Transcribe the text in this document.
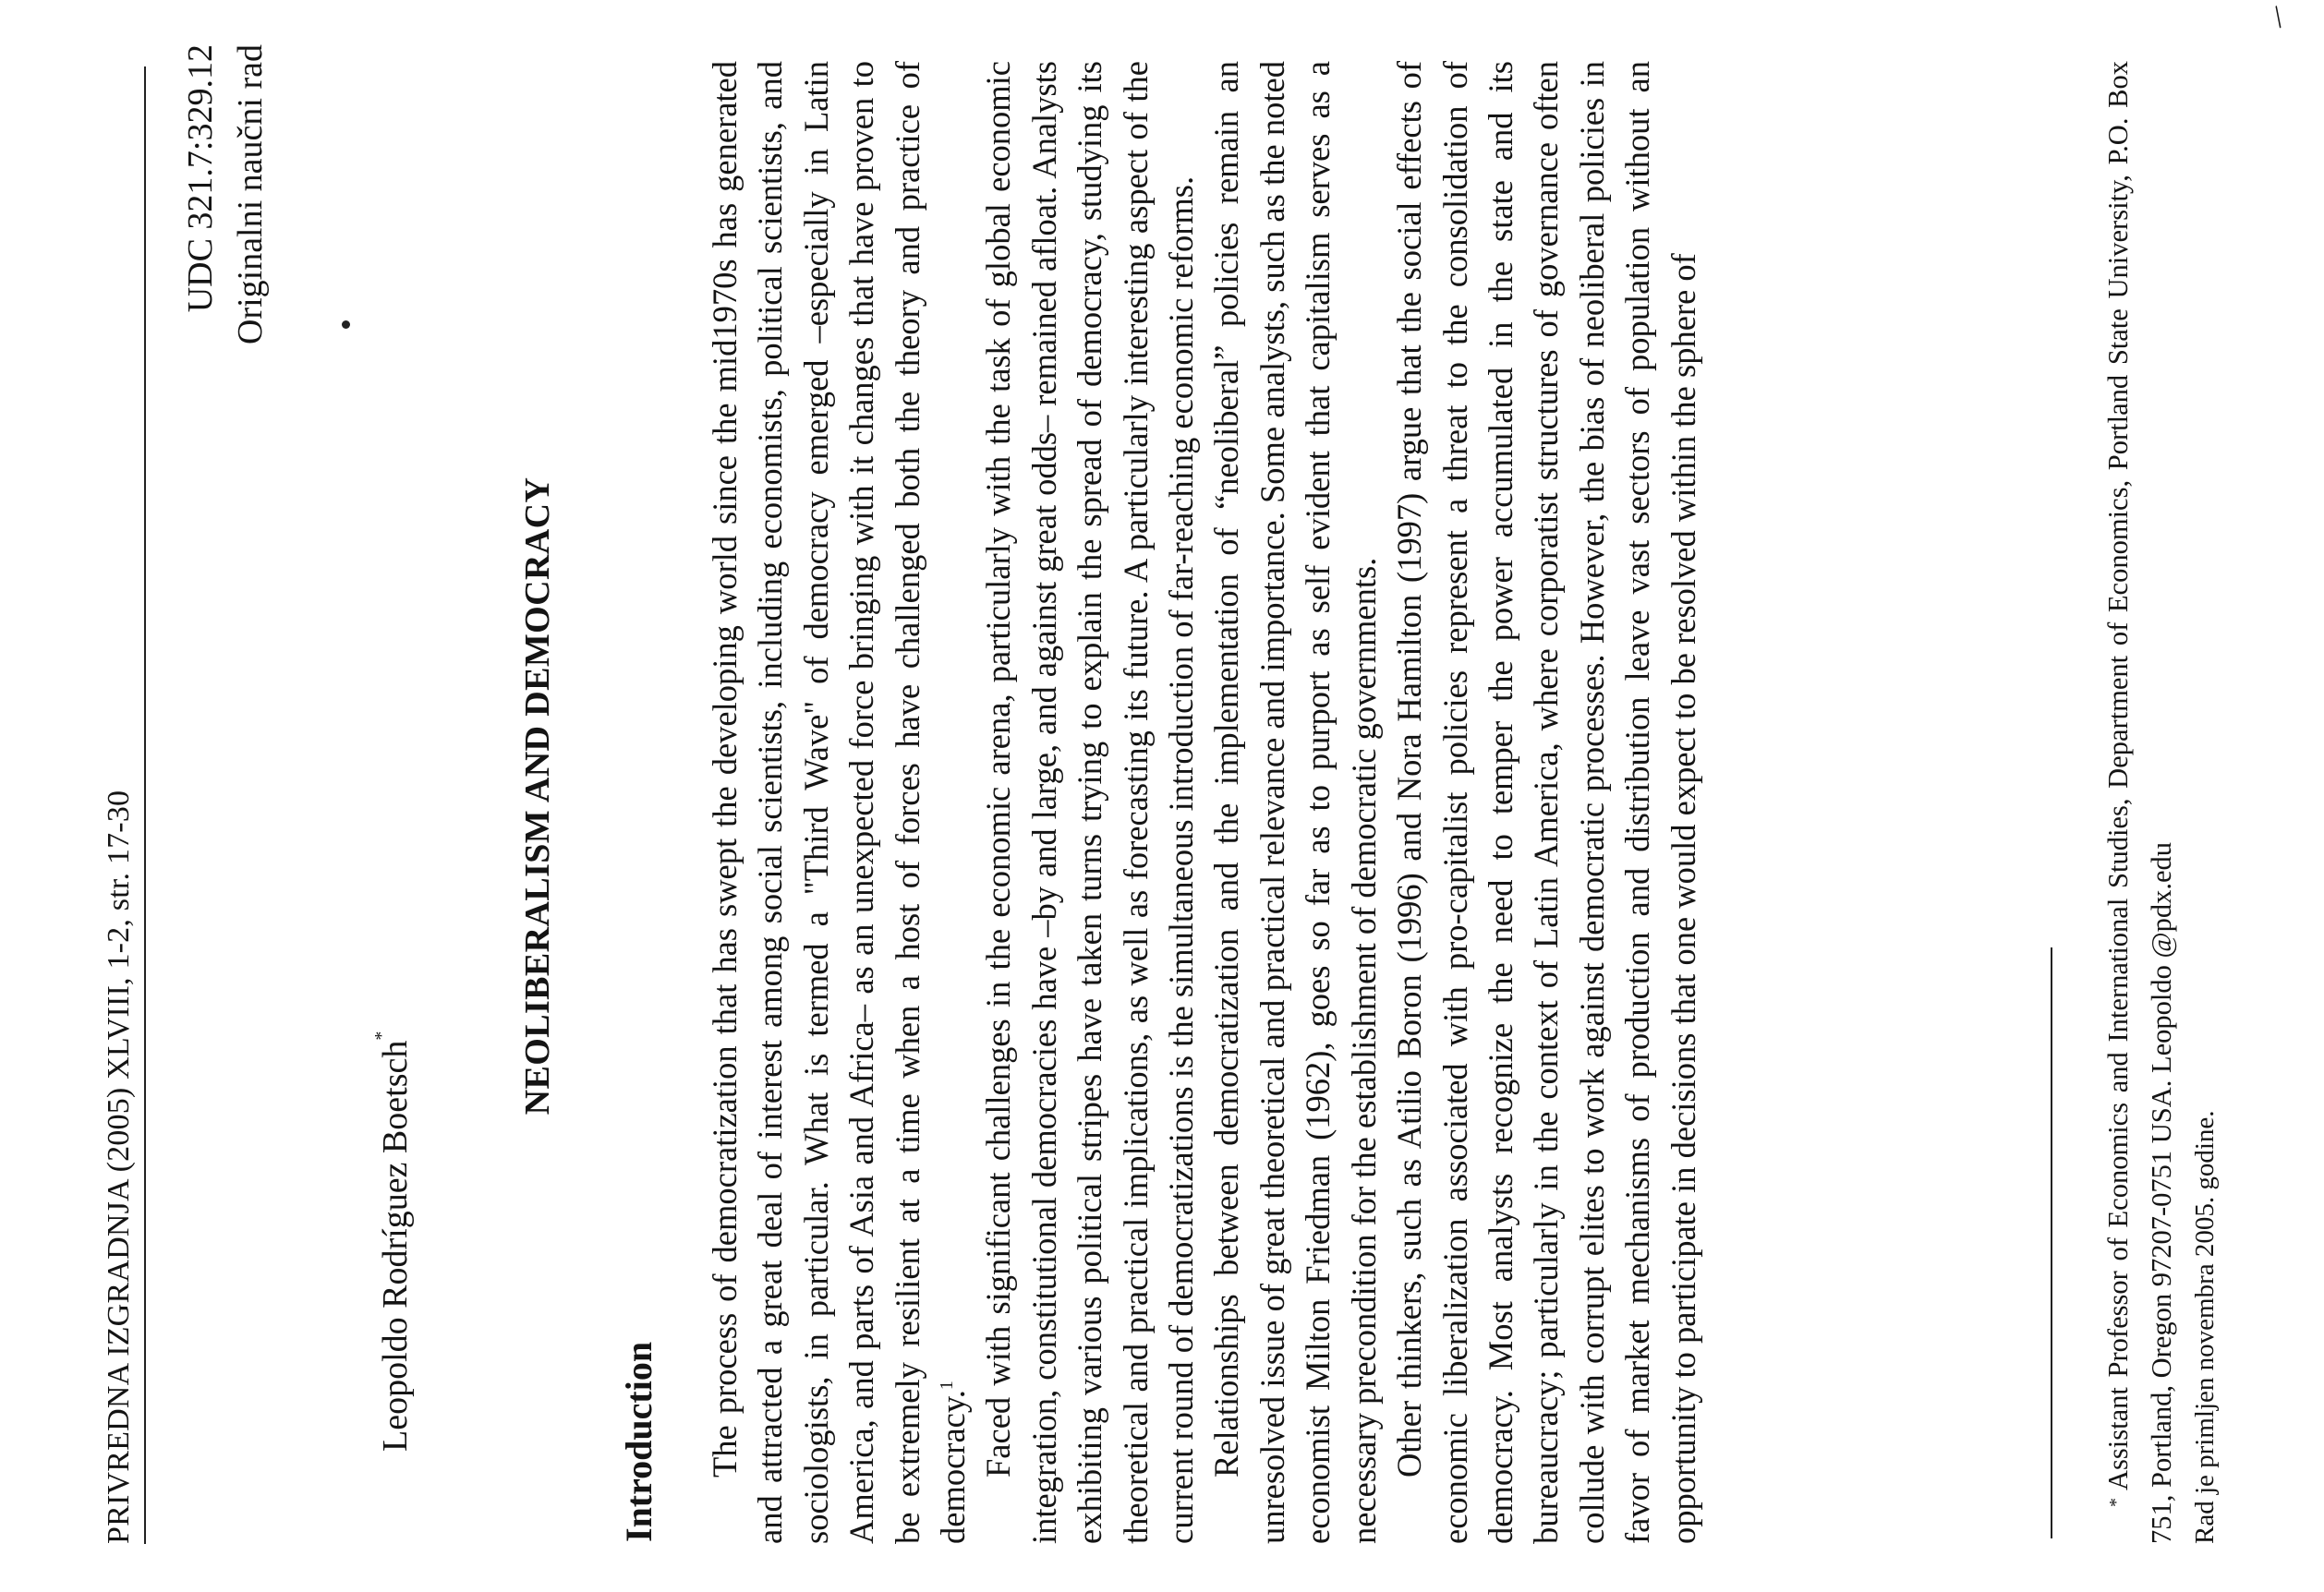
PRIVREDNA IZGRADNJA (2005) XLVIII, 1-2, str. 17-30
UDC 321.7:329.12 Originalni naučni rad
/
Leopoldo Rodríguez Boetsch*	NEOLIBERALISM AND DEMOCRACY
Introduction The process of democratization that has swept the developing world since the mid1970s has generated and attracted a great deal of interest among social scientists, including economists, political scientists, and sociologists, in particular. What is termed a "Third Wave" of democracy emerged –especially in Latin America, and parts of Asia and Africa– as an unexpected force bringing with it changes that have proven to be extremely resilient at a time when a host of forces have challenged both the theory and practice of democracy.$^1$ Faced with significant challenges in the economic arena, particularly with the task of global economic integration, constitutional democracies have –by and large, and against great odds– remained afloat. Analysts exhibiting various political stripes have taken turns trying to explain the spread of democracy, studying its theoretical and practical implications, as well as forecasting its future. A particularly interesting aspect of the current round of democratizations is the simultaneous introduction of far-reaching economic reforms. Relationships between democratization and the implementation of “neoliberal” policies remain an unresolved issue of great theoretical and practical relevance and importance. Some analysts, such as the noted economist Milton Friedman (1962), goes so far as to purport as self evident that capitalism serves as a necessary precondition for the establishment of democratic governments. Other thinkers, such as Atilio Boron (1996) and Nora Hamilton (1997) argue that the social effects of economic liberalization associated with pro-capitalist policies represent a threat to the consolidation of democracy. Most analysts recognize the need to temper the power accumulated in the state and its bureaucracy; particularly in the context of Latin America, where corporatist structures of governance often collude with corrupt elites to work against democratic processes. However, the bias of neoliberal policies in favor of market mechanisms of production and distribution leave vast sectors of population without an opportunity to participate in decisions that one would expect to be resolved within the sphere of	*Assistant Professor of Economics and International Studies, Department of Economics, Portland State University, P.O. Box 751, Portland, Oregon 97207-0751 USA. Leopoldo @pdx.edu Rad je primljen novembra 2005. godine.
